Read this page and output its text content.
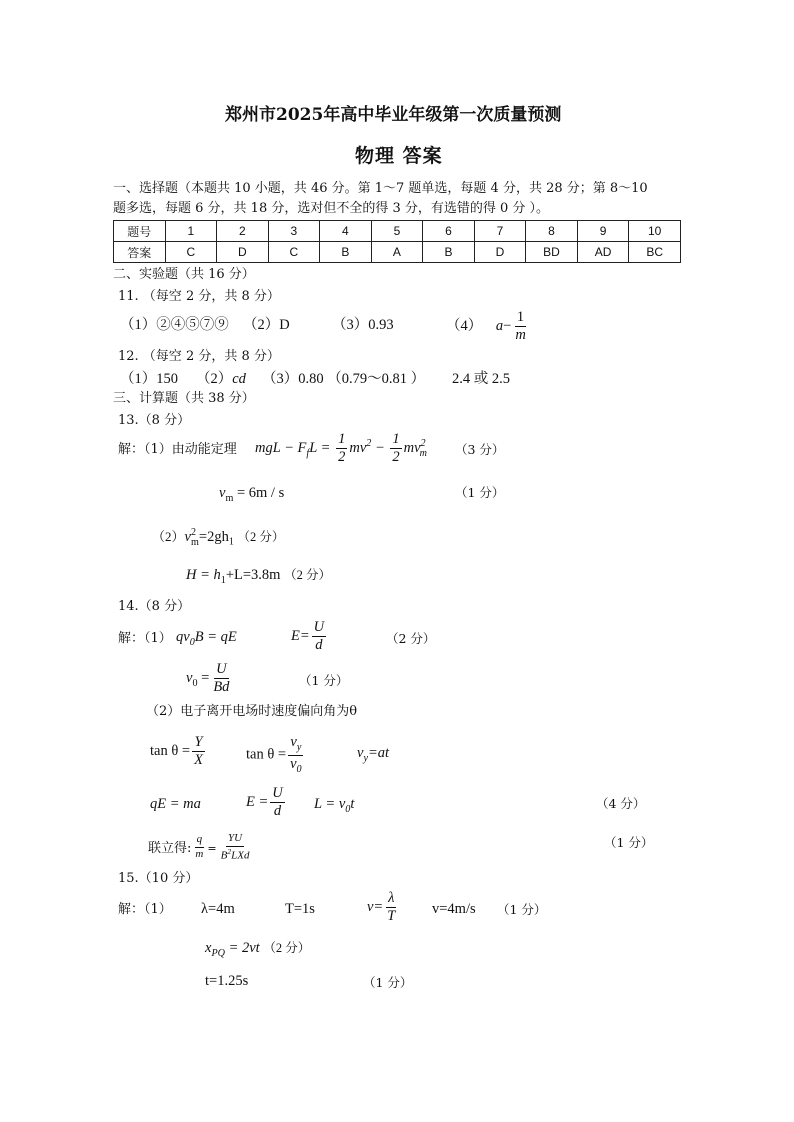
郑州市2025年高中毕业年级第一次质量预测
物理 答案
一、选择题（本题共 10 小题，共 46 分。第 1～7 题单选，每题 4 分，共 28 分；第 8～10
题多选，每题 6 分，共 18 分，选对但不全的得 3 分，有选错的得 0 分 ）。
题号	1	2	3	4	5	6	7	8	9	10
答案	C	D	C	B	A	B	D	BD	AD	BC
二、实验题（共 16 分）
11. （每空 2 分，共 8 分）
（1）②④⑤⑦⑨ （2）D	（3）0.93	（4） $a- \frac{1}{m}$
12. （每空 2 分，共 8 分）
（1）150 （2）cd （3）0.80 （0.79～0.81 ） 2.4 或 2.5
三、计算题（共 38 分）
13.（8 分）
解：（1）由动能定理 mgL − $F_fL = \frac{1}{2} mv^2 - \frac{1}{2} mv^2_m$ （3 分）
$v_m = 6m / s$	（1 分）
$(2)v^2_m=2gh_1$ （2 分）
$H = h_1+L=3.8m$ （2 分）
14.（8 分）
解：（1） $qv_0B$ = qE	$E= \frac{U}{d}$	（2 分）
$v_0 = \frac{U}{Bd}$	（1 分）
（2）电子离开电场时速度偏向角为θ
$\tan \theta = \frac{Y}{X}$	$\tan \theta = \frac{v_y}{v_0}$	$v_y=at$
qE = ma	$E = \frac{U}{d}$ $L = v_0t$	（4 分）
联立得: $\frac{q}{m} = \frac{YU}{B^2LXd}$	（1 分）
15.（10 分）
解：（1） λ=4m	T=1s	$v= \frac{\lambda}{T} v=4m/s$ （1 分）
$x_{PQ} = 2vt$ （2 分）
t=1.25s	（1 分）
